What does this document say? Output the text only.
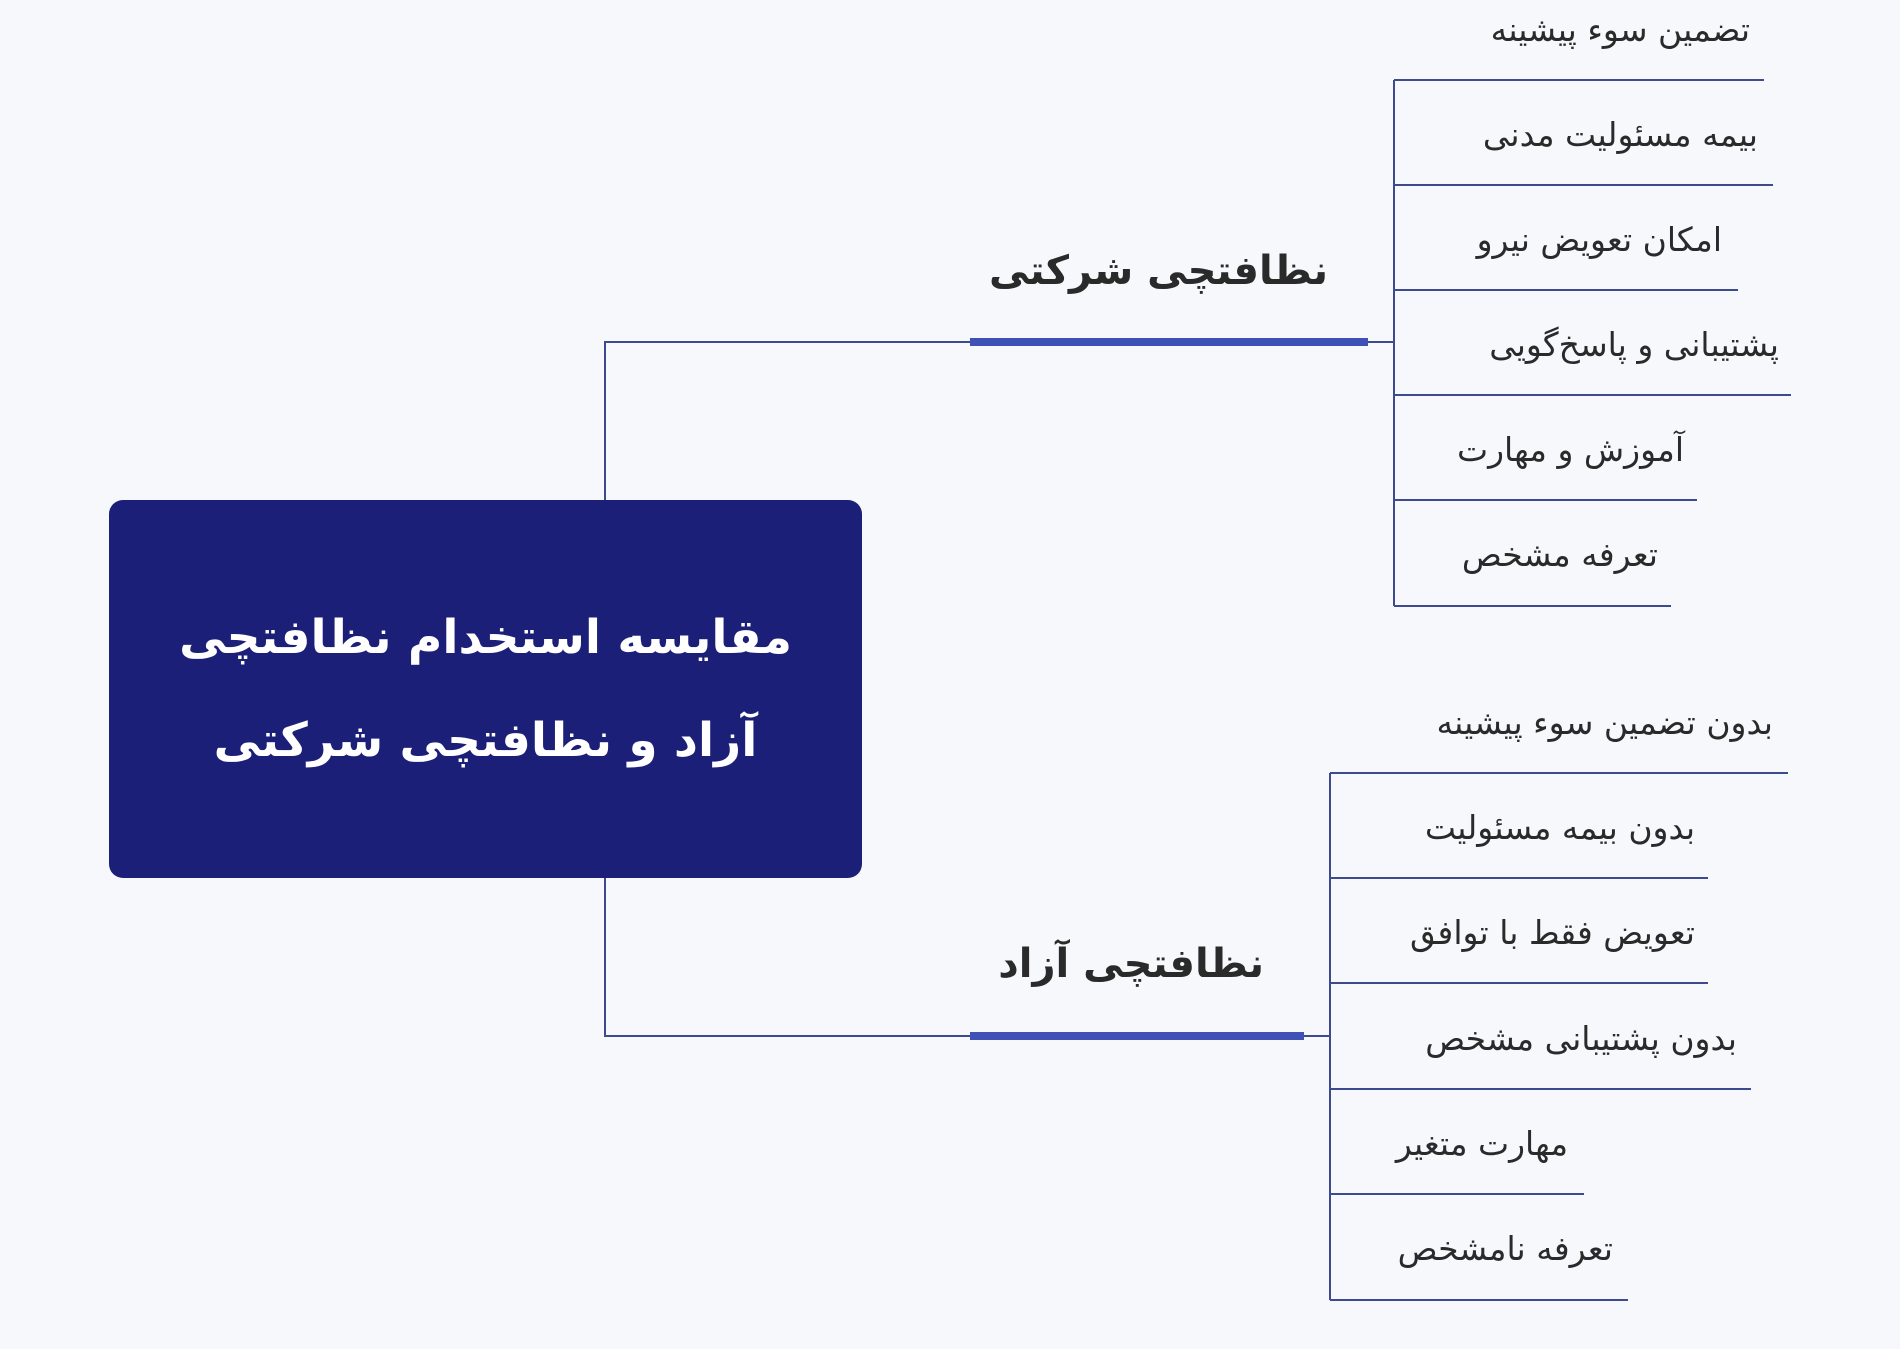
مقایسه استخدام نظافتچی آزاد و نظافتچی شرکتی
نظافتچی شرکتی
نظافتچی آزاد
تضمین سوء پیشینه
بیمه مسئولیت مدنی
امکان تعویض نیرو
پشتیبانی و پاسخ‌گویی
آموزش و مهارت
تعرفه مشخص
بدون تضمین سوء پیشینه
بدون بیمه مسئولیت
تعویض فقط با توافق
بدون پشتیبانی مشخص
مهارت متغیر
تعرفه نامشخص
